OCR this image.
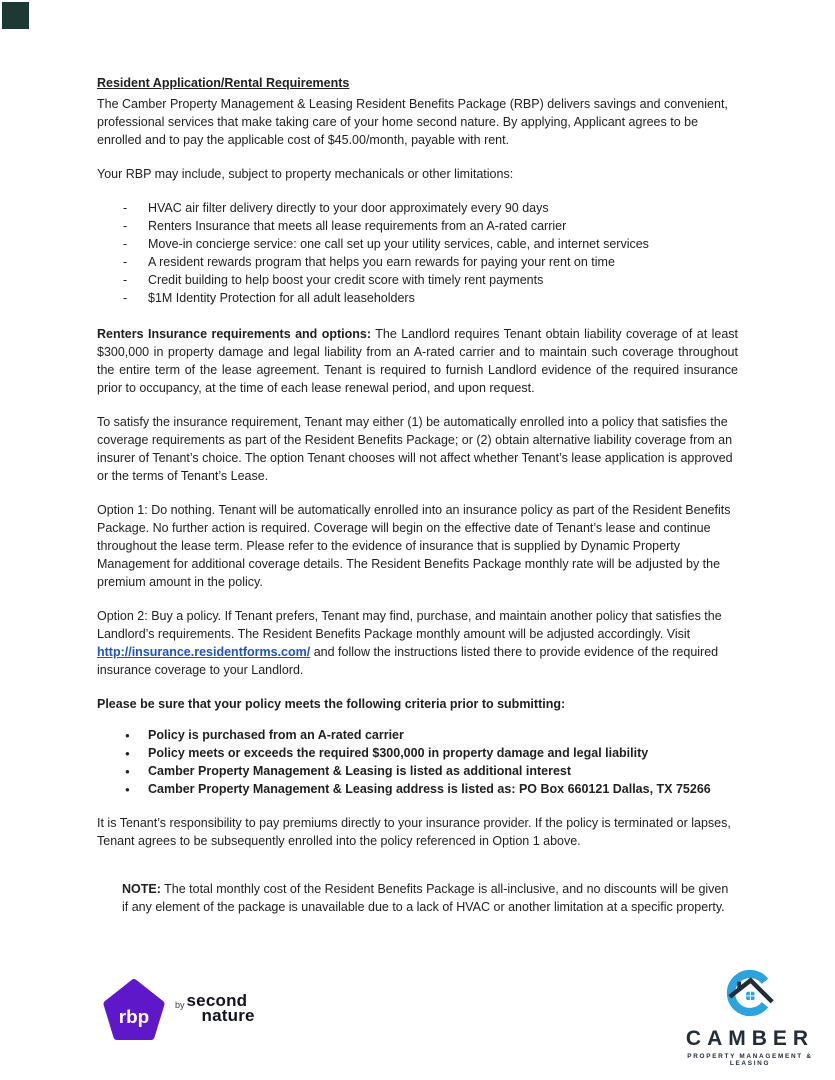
Resident Application/Rental Requirements

The Camber Property Management & Leasing Resident Benefits Package (RBP) delivers savings and convenient, professional services that make taking care of your home second nature. By applying, Applicant agrees to be enrolled and to pay the applicable cost of $45.00/month, payable with rent.

Your RBP may include, subject to property mechanicals or other limitations:

- HVAC air filter delivery directly to your door approximately every 90 days
- Renters Insurance that meets all lease requirements from an A-rated carrier
- Move-in concierge service: one call set up your utility services, cable, and internet services
- A resident rewards program that helps you earn rewards for paying your rent on time
- Credit building to help boost your credit score with timely rent payments
- $1M Identity Protection for all adult leaseholders

Renters Insurance requirements and options: The Landlord requires Tenant obtain liability coverage of at least $300,000 in property damage and legal liability from an A-rated carrier and to maintain such coverage throughout the entire term of the lease agreement. Tenant is required to furnish Landlord evidence of the required insurance prior to occupancy, at the time of each lease renewal period, and upon request.

To satisfy the insurance requirement, Tenant may either (1) be automatically enrolled into a policy that satisfies the coverage requirements as part of the Resident Benefits Package; or (2) obtain alternative liability coverage from an insurer of Tenant’s choice. The option Tenant chooses will not affect whether Tenant’s lease application is approved or the terms of Tenant’s Lease.

Option 1: Do nothing. Tenant will be automatically enrolled into an insurance policy as part of the Resident Benefits Package. No further action is required. Coverage will begin on the effective date of Tenant’s lease and continue throughout the lease term. Please refer to the evidence of insurance that is supplied by Dynamic Property Management for additional coverage details. The Resident Benefits Package monthly rate will be adjusted by the premium amount in the policy.

Option 2: Buy a policy. If Tenant prefers, Tenant may find, purchase, and maintain another policy that satisfies the Landlord’s requirements. The Resident Benefits Package monthly amount will be adjusted accordingly. Visit http://insurance.residentforms.com/ and follow the instructions listed there to provide evidence of the required insurance coverage to your Landlord.

Please be sure that your policy meets the following criteria prior to submitting:

● Policy is purchased from an A-rated carrier
● Policy meets or exceeds the required $300,000 in property damage and legal liability
● Camber Property Management & Leasing is listed as additional interest
● Camber Property Management & Leasing address is listed as: PO Box 660121 Dallas, TX 75266

It is Tenant’s responsibility to pay premiums directly to your insurance provider. If the policy is terminated or lapses, Tenant agrees to be subsequently enrolled into the policy referenced in Option 1 above.

NOTE: The total monthly cost of the Resident Benefits Package is all-inclusive, and no discounts will be given if any element of the package is unavailable due to a lack of HVAC or another limitation at a specific property.

rbp
by second
nature
CAMBER
PROPERTY MANAGEMENT & LEASING
